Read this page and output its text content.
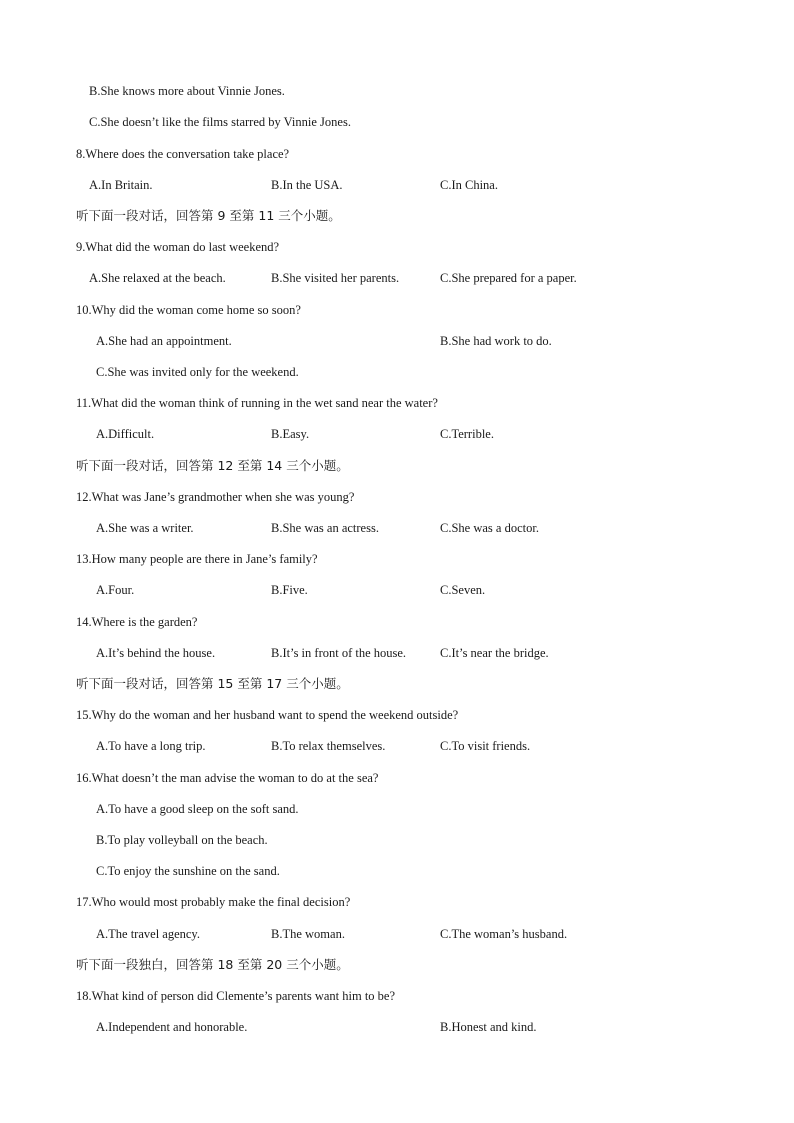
B.She knows more about Vinnie Jones.
C.She doesn’t like the films starred by Vinnie Jones.
8.Where does the conversation take place?
A.In Britain.	B.In the USA.	C.In China.
听下面一段对话，回答第 9 至第 11 三个小题。
9.What did the woman do last weekend?
A.She relaxed at the beach.	B.She visited her parents.	C.She prepared for a paper.
10.Why did the woman come home so soon?
A.She had an appointment.	B.She had work to do.
C.She was invited only for the weekend.
11.What did the woman think of running in the wet sand near the water?
A.Difficult.	B.Easy.	C.Terrible.
听下面一段对话，回答第 12 至第 14 三个小题。
12.What was Jane’s grandmother when she was young?
A.She was a writer.	B.She was an actress.	C.She was a doctor.
13.How many people are there in Jane’s family?
A.Four.	B.Five.	C.Seven.
14.Where is the garden?
A.It’s behind the house.	B.It’s in front of the house.	C.It’s near the bridge.
听下面一段对话，回答第 15 至第 17 三个小题。
15.Why do the woman and her husband want to spend the weekend outside?
A.To have a long trip.	B.To relax themselves.	C.To visit friends.
16.What doesn’t the man advise the woman to do at the sea?
A.To have a good sleep on the soft sand.
B.To play volleyball on the beach.
C.To enjoy the sunshine on the sand.
17.Who would most probably make the final decision?
A.The travel agency.	B.The woman.	C.The woman’s husband.
听下面一段独白，回答第 18 至第 20 三个小题。
18.What kind of person did Clemente’s parents want him to be?
A.Independent and honorable.	B.Honest and kind.
